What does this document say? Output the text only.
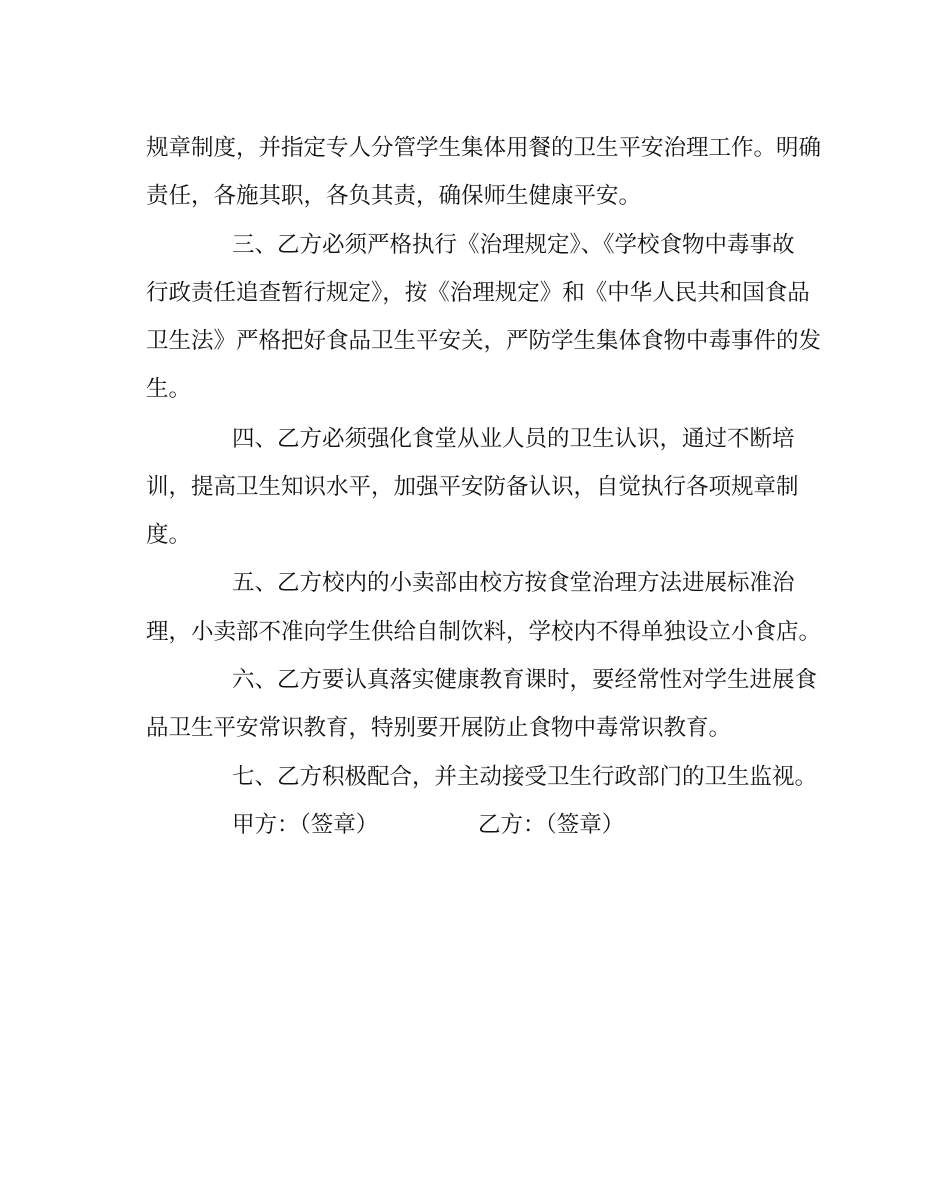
规章制度，并指定专人分管学生集体用餐的卫生平安治理工作。明确
责任，各施其职，各负其责，确保师生健康平安。
三、乙方必须严格执行《治理规定》、《学校食物中毒事故
行政责任追查暂行规定》，按《治理规定》和《中华人民共和国食品
卫生法》严格把好食品卫生平安关，严防学生集体食物中毒事件的发
生。
四、乙方必须强化食堂从业人员的卫生认识，通过不断培
训，提高卫生知识水平，加强平安防备认识，自觉执行各项规章制
度。
五、乙方校内的小卖部由校方按食堂治理方法进展标准治
理，小卖部不准向学生供给自制饮料，学校内不得单独设立小食店。
六、乙方要认真落实健康教育课时，要经常性对学生进展食
品卫生平安常识教育，特别要开展防止食物中毒常识教育。
七、乙方积极配合，并主动接受卫生行政部门的卫生监视。
甲方：（签章）	乙方：（签章）
